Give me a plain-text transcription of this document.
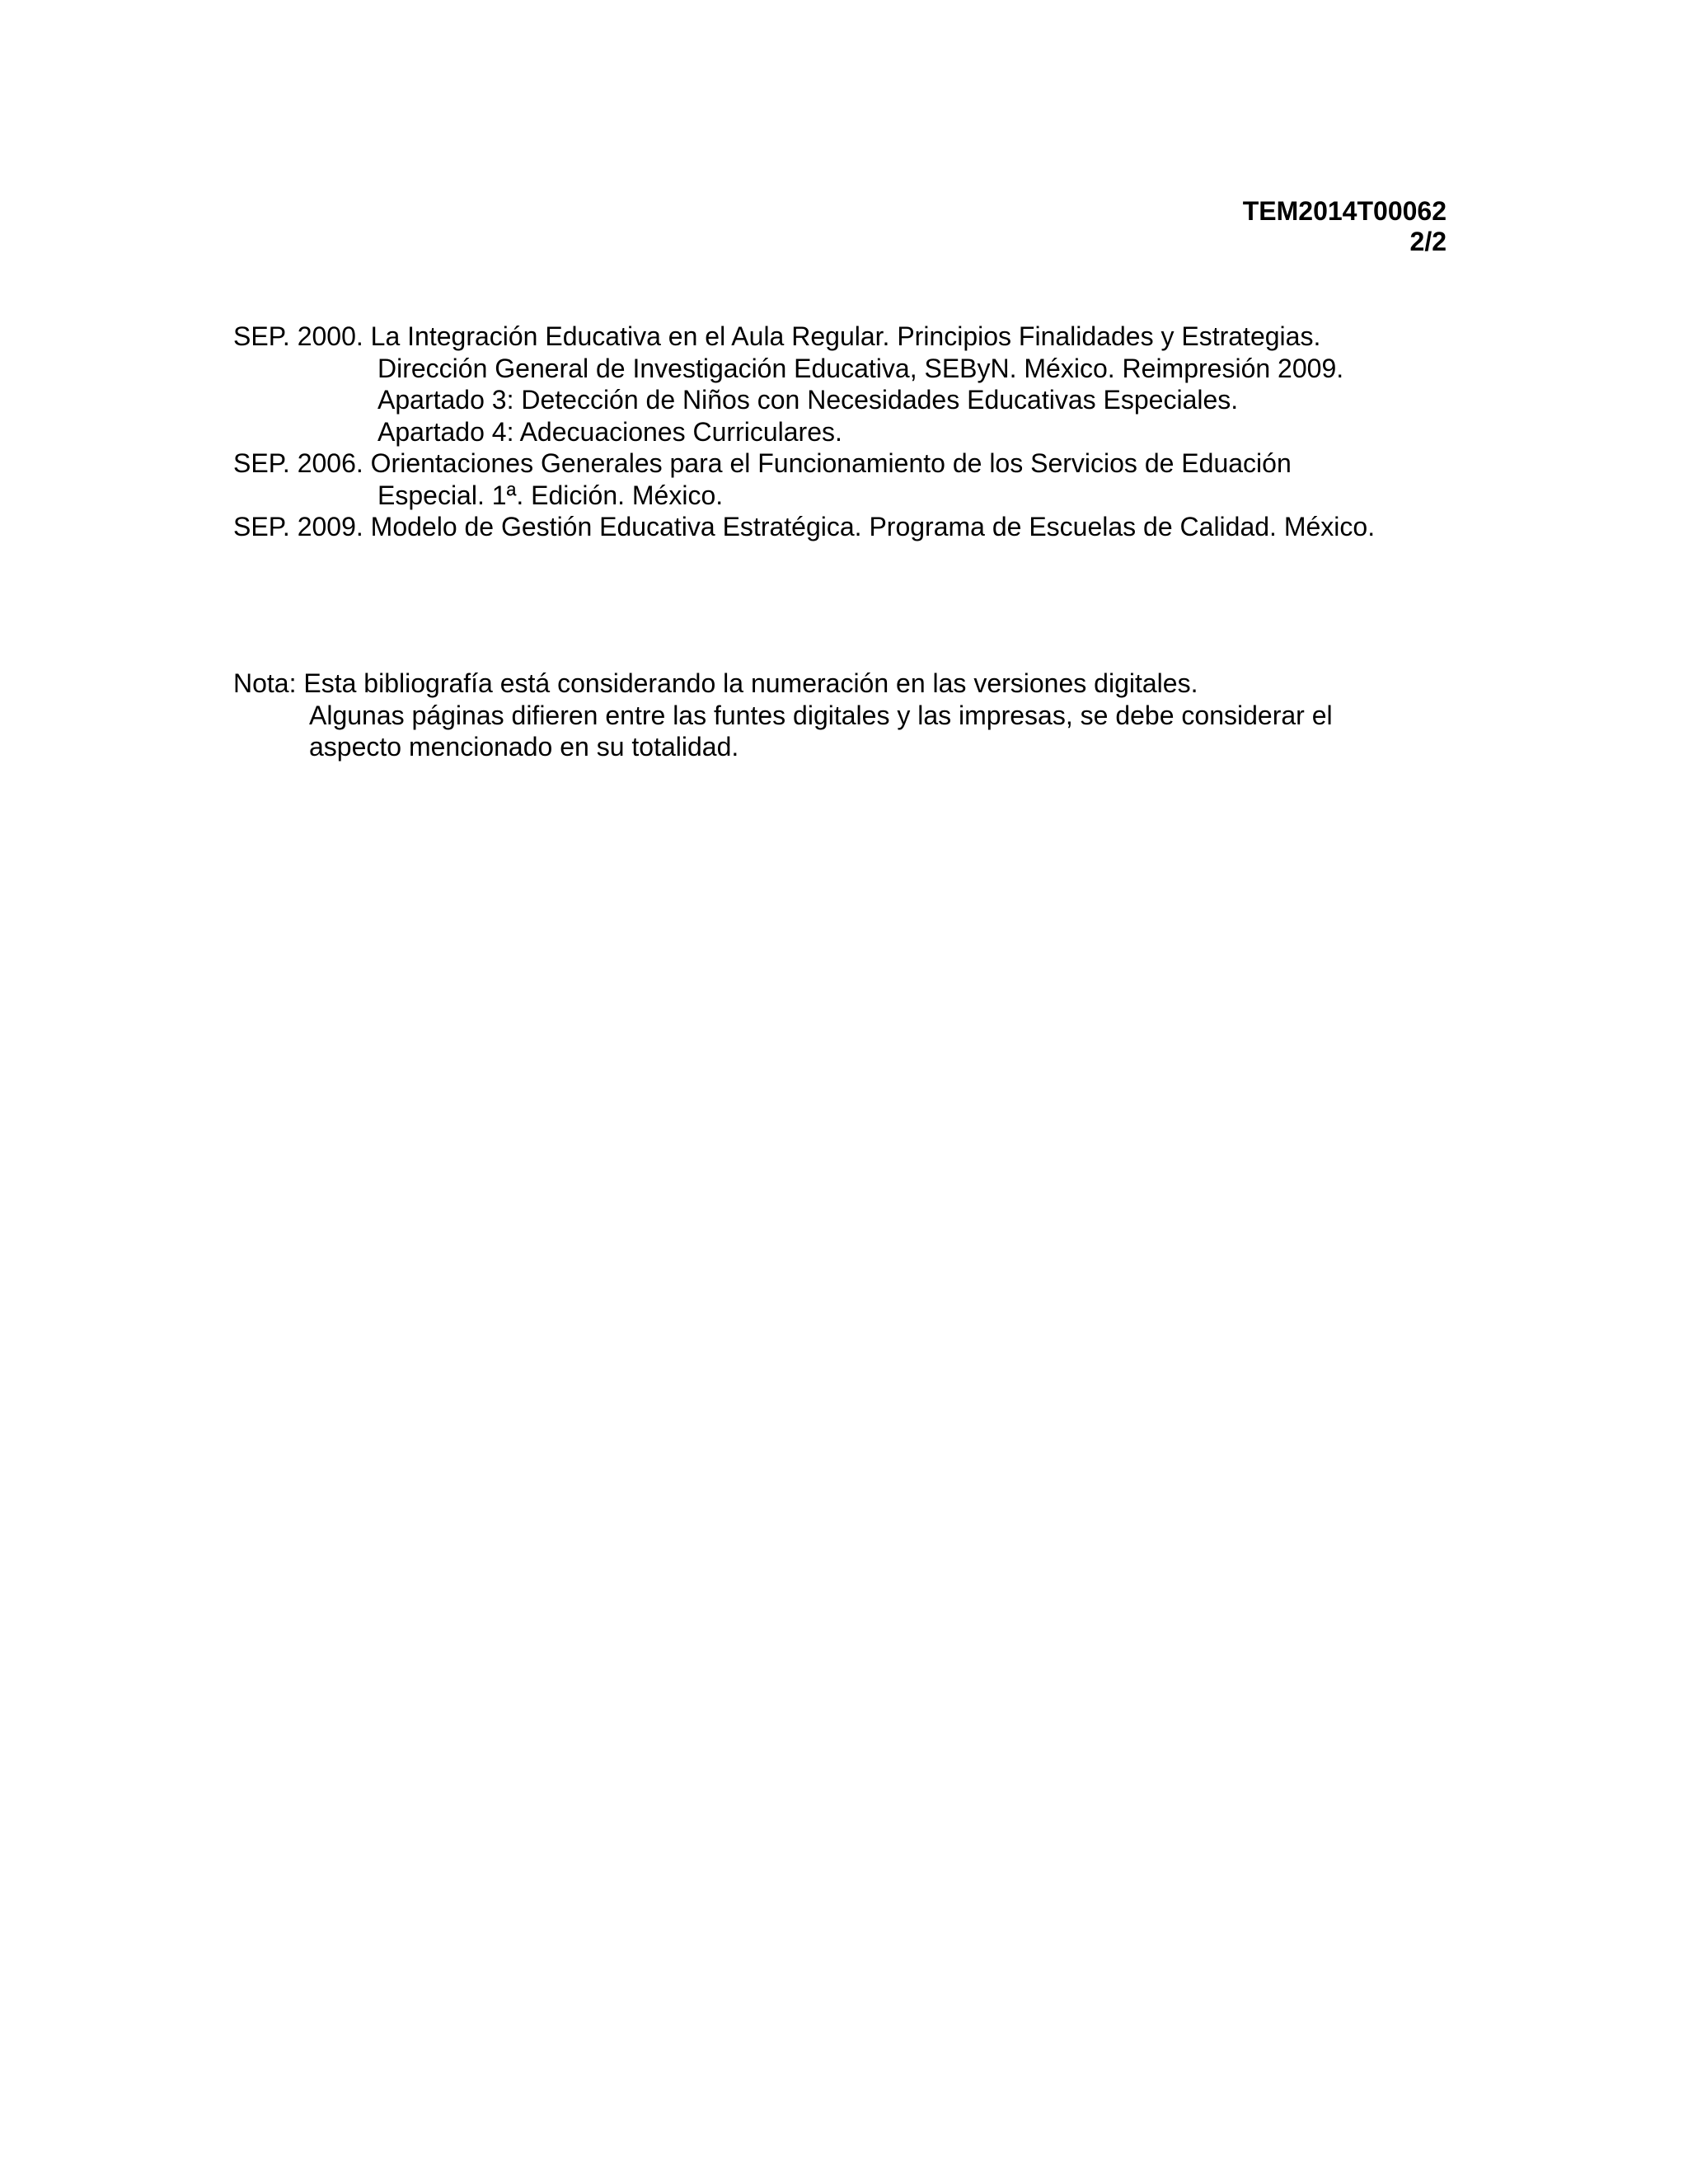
TEM2014T00062
2/2
SEP. 2000. La Integración Educativa en el Aula Regular. Principios Finalidades y Estrategias.
Dirección General de Investigación Educativa, SEByN. México. Reimpresión 2009.
Apartado 3: Detección de Niños con Necesidades Educativas Especiales.
Apartado 4: Adecuaciones Curriculares.
SEP. 2006. Orientaciones Generales para el Funcionamiento de los Servicios de Eduación
Especial. 1ª. Edición. México.
SEP. 2009. Modelo de Gestión Educativa Estratégica. Programa de Escuelas de Calidad. México.
Nota: Esta bibliografía está considerando la numeración en las versiones digitales.
Algunas páginas difieren entre las funtes digitales y las impresas, se debe considerar el
aspecto mencionado en su totalidad.
